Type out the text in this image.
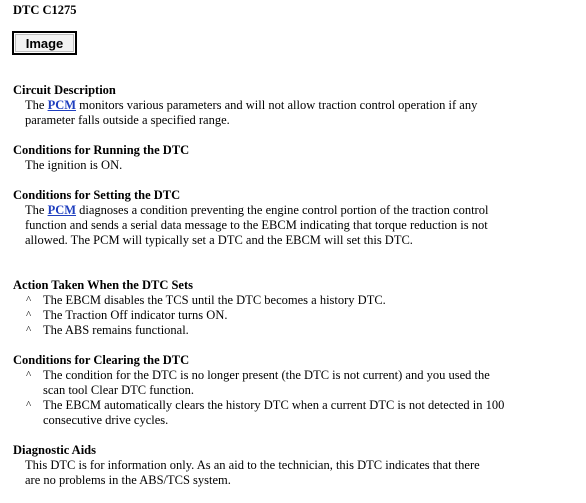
DTC C1275
Image
Circuit Description
The PCM monitors various parameters and will not allow traction control operation if any parameter falls outside a specified range.
Conditions for Running the DTC
The ignition is ON.
Conditions for Setting the DTC
The PCM diagnoses a condition preventing the engine control portion of the traction control function and sends a serial data message to the EBCM indicating that torque reduction is not allowed. The PCM will typically set a DTC and the EBCM will set this DTC.
Action Taken When the DTC Sets
^ The EBCM disables the TCS until the DTC becomes a history DTC.
^ The Traction Off indicator turns ON.
^ The ABS remains functional.
Conditions for Clearing the DTC
^ The condition for the DTC is no longer present (the DTC is not current) and you used the scan tool Clear DTC function.
^ The EBCM automatically clears the history DTC when a current DTC is not detected in 100 consecutive drive cycles.
Diagnostic Aids
This DTC is for information only. As an aid to the technician, this DTC indicates that there are no problems in the ABS/TCS system.
